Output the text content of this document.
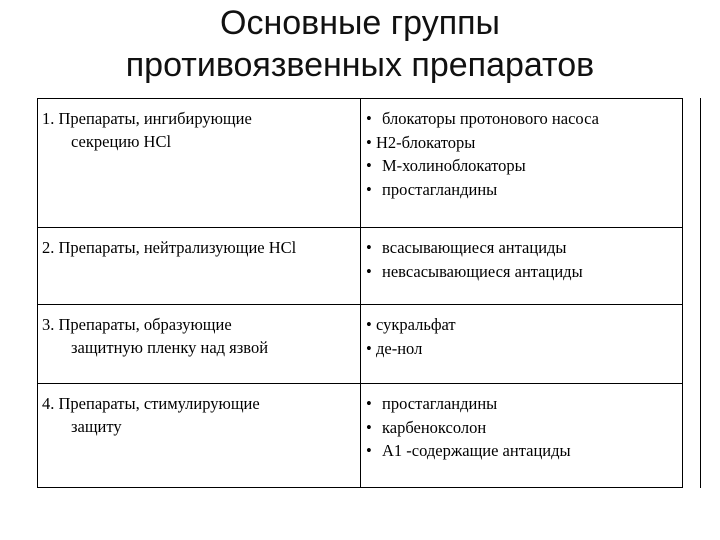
Основные группы
противоязвенных препаратов
1. Препараты, ингибирующие
секрецию HCl
• блокаторы протонового насоса
• Н2-блокаторы
• М-холиноблокаторы
• простагландины
2. Препараты, нейтрализующие HCl	• всасывающиеся антациды
• невсасывающиеся антациды
3. Препараты, образующие
защитную пленку над язвой
• сукральфат
• де-нол
4. Препараты, стимулирующие
защиту
• простагландины
• карбеноксолон
• А1 -содержащие антациды
